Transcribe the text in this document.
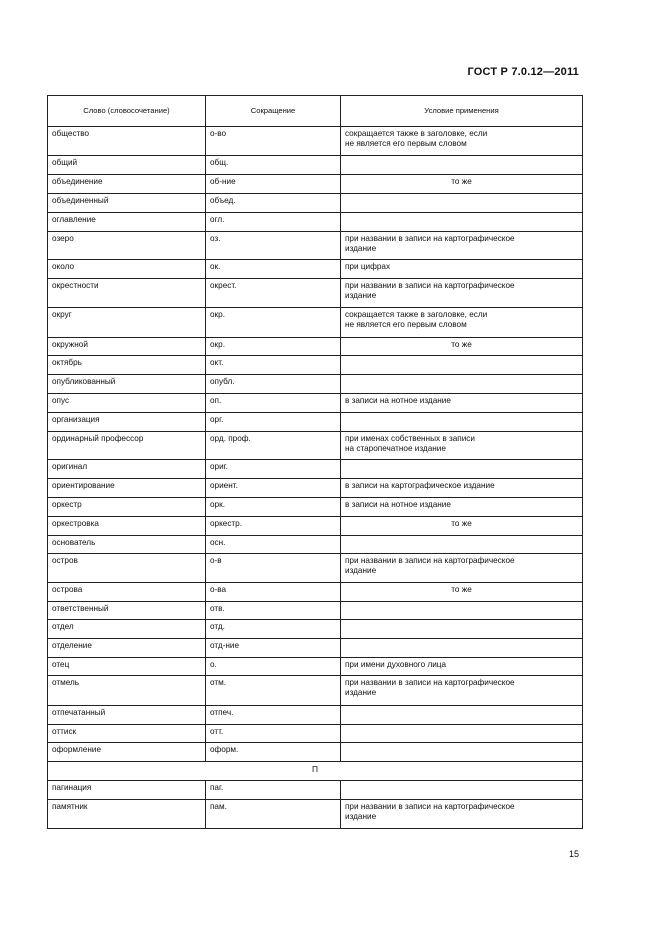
ГОСТ Р 7.0.12—2011
Слово (словосочетание)	Сокращение	Условие применения
общество	о-во	сокращается также в заголовке, если
не является его первым словом
общий	общ.	
объединение	об-ние	то же
объединенный	объед.	
оглавление	огл.	
озеро	оз.	при названии в записи на картографическое
издание
около	ок.	при цифрах
окрестности	окрест.	при названии в записи на картографическое
издание
округ	окр.	сокращается также в заголовке, если
не является его первым словом
окружной	окр.	то же
октябрь	окт.	
опубликованный	опубл.	
опус	оп.	в записи на нотное издание
организация	орг.	
ординарный профессор	орд. проф.	при именах собственных в записи
на старопечатное издание
оригинал	ориг.	
ориентирование	ориент.	в записи на картографическое издание
оркестр	орк.	в записи на нотное издание
оркестровка	оркестр.	то же
основатель	осн.	
остров	о-в	при названии в записи на картографическое
издание
острова	о-ва	то же
ответственный	отв.	
отдел	отд.	
отделение	отд-ние	
отец	о.	при имени духовного лица
отмель	отм.	при названии в записи на картографическое
издание
отпечатанный	отпеч.	
оттиск	отт.	
оформление	оформ.	
П		
пагинация	паг.	
памятник	пам.	при названии в записи на картографическое
издание
15
